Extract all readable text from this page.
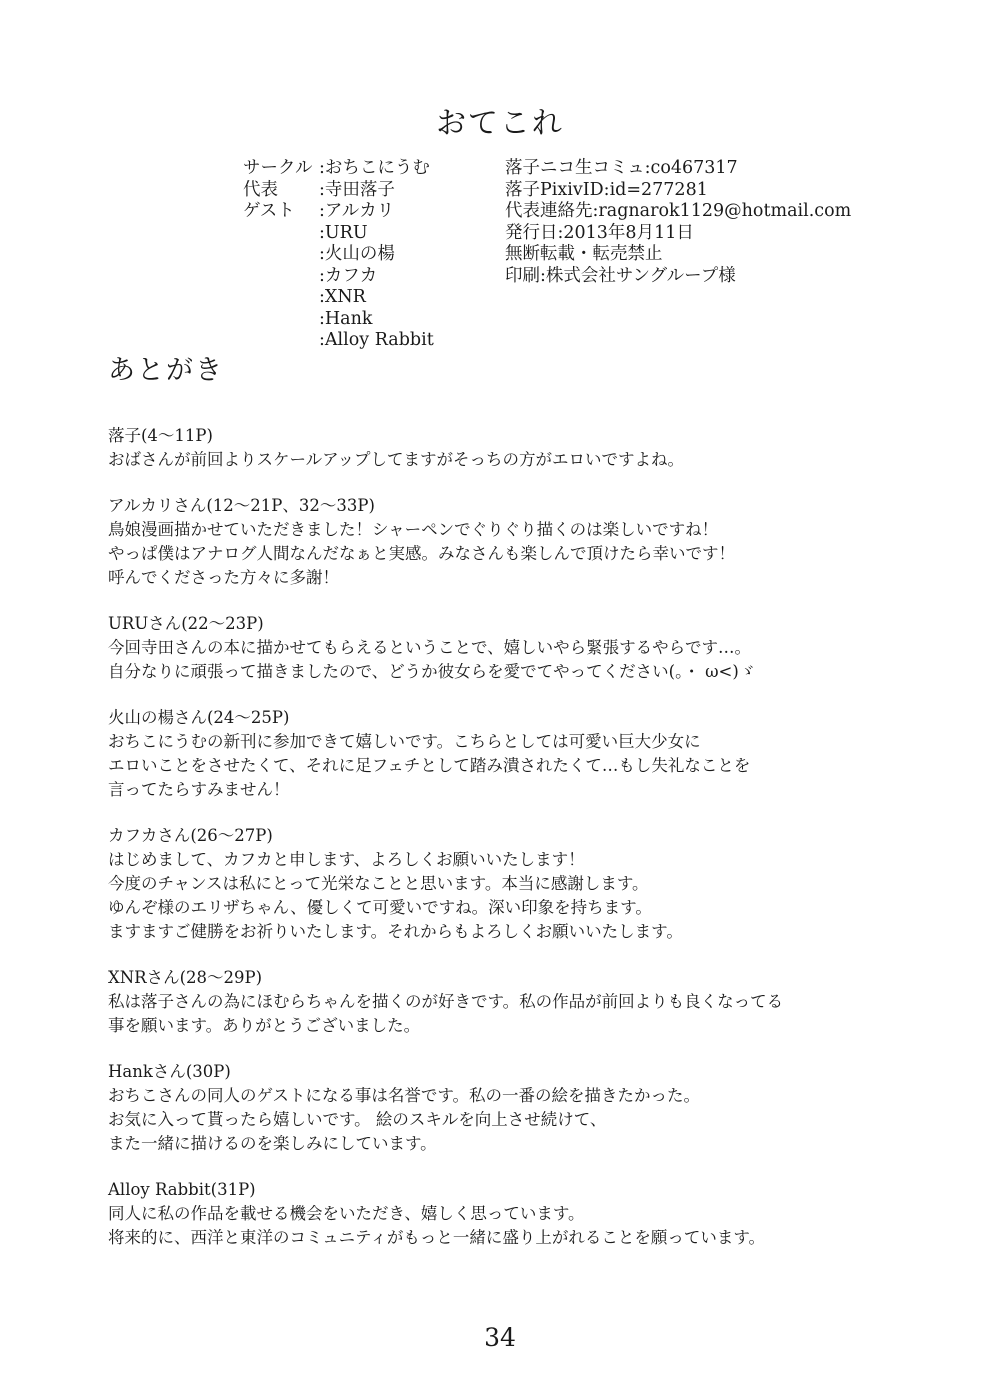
おてこれ
サークル :おちこにうむ
代表 :寺田落子
ゲスト :アルカリ
:URU
:火山の楊
:カフカ
:XNR
:Hank
:Alloy Rabbit
落子ニコ生コミュ:co467317
落子PixivID:id=277281
代表連絡先:ragnarok1129@hotmail.com
発行日:2013年8月11日
無断転載・転売禁止
印刷:株式会社サングループ様
あとがき
落子(4〜11P)
おばさんが前回よりスケールアップしてますがそっちの方がエロいですよね。
アルカリさん(12〜21P、32〜33P)
鳥娘漫画描かせていただきました！シャーペンでぐりぐり描くのは楽しいですね！
やっぱ僕はアナログ人間なんだなぁと実感。みなさんも楽しんで頂けたら幸いです！
呼んでくださった方々に多謝！
URUさん(22〜23P)
今回寺田さんの本に描かせてもらえるということで、嬉しいやら緊張するやらです…。
自分なりに頑張って描きましたので、どうか彼女らを愛でてやってください(｡・ ω<)ゞ
火山の楊さん(24〜25P)
おちこにうむの新刊に参加できて嬉しいです。こちらとしては可愛い巨大少女に
エロいことをさせたくて、それに足フェチとして踏み潰されたくて…もし失礼なことを
言ってたらすみません！
カフカさん(26〜27P)
はじめまして、カフカと申します、よろしくお願いいたします！
今度のチャンスは私にとって光栄なことと思います。本当に感謝します。
ゆんぞ様のエリザちゃん、優しくて可愛いですね。深い印象を持ちます。
ますますご健勝をお祈りいたします。それからもよろしくお願いいたします。
XNRさん(28〜29P)
私は落子さんの為にほむらちゃんを描くのが好きです。私の作品が前回よりも良くなってる
事を願います。ありがとうございました。
Hankさん(30P)
おちこさんの同人のゲストになる事は名誉です。私の一番の絵を描きたかった。
お気に入って貰ったら嬉しいです。 絵のスキルを向上させ続けて、
また一緒に描けるのを楽しみにしています。
Alloy Rabbit(31P)
同人に私の作品を載せる機会をいただき、嬉しく思っています。
将来的に、西洋と東洋のコミュニティがもっと一緒に盛り上がれることを願っています。
34
